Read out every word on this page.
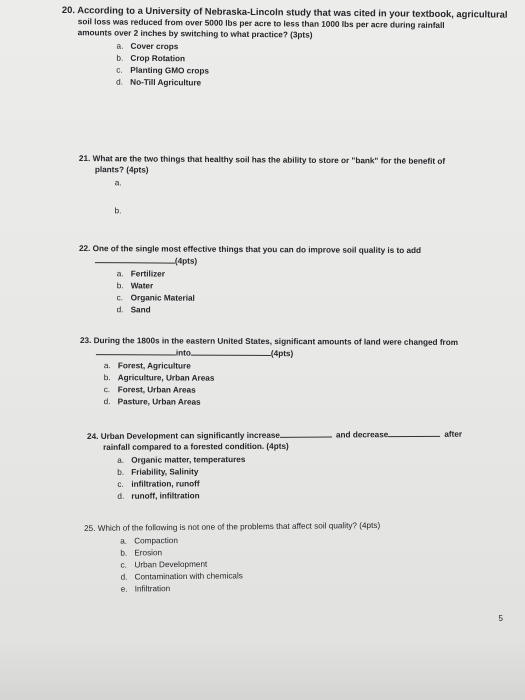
20. According to a University of Nebraska-Lincoln study that was cited in your textbook, agricultural
soil loss was reduced from over 5000 lbs per acre to less than 1000 lbs per acre during rainfall
amounts over 2 inches by switching to what practice? (3pts)
a. Cover crops
b. Crop Rotation
c. Planting GMO crops
d. No-Till Agriculture
21. What are the two things that healthy soil has the ability to store or "bank" for the benefit of
plants? (4pts)
a.
b.
22. One of the single most effective things that you can do improve soil quality is to add
(4pts)
a. Fertilizer
b. Water
c. Organic Material
d. Sand
23. During the 1800s in the eastern United States, significant amounts of land were changed from
into	(4pts)
a. Forest, Agriculture
b. Agriculture, Urban Areas
c. Forest, Urban Areas
d. Pasture, Urban Areas
24. Urban Development can significantly increase	and decrease	after
rainfall compared to a forested condition. (4pts)
a. Organic matter, temperatures
b. Friability, Salinity
c. infiltration, runoff
d. runoff, infiltration
25. Which of the following is not one of the problems that affect soil quality? (4pts)
a. Compaction
b. Erosion
c. Urban Development
d. Contamination with chemicals
e. Infiltration
5
